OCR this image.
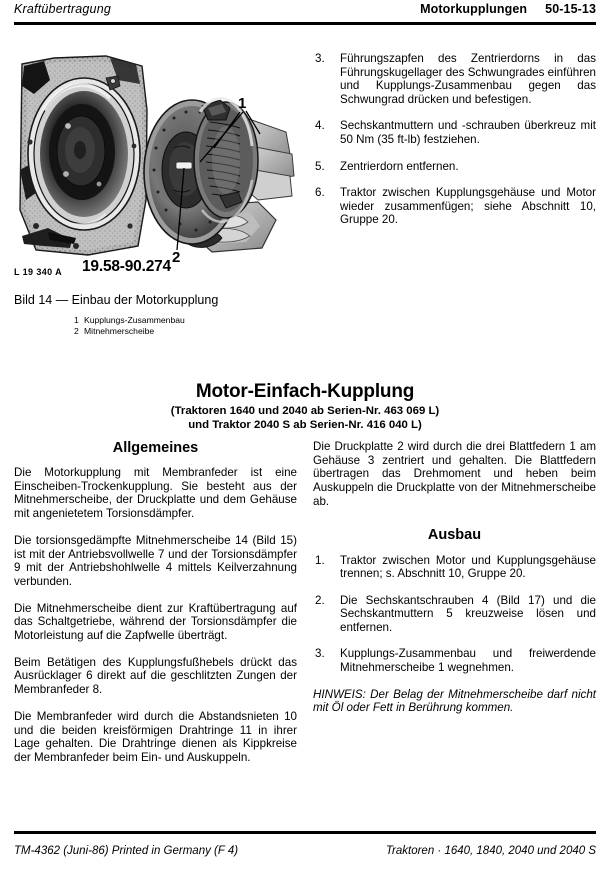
Kraftübertragung	Motorkupplungen 50-15-13
1
2
L 19 340 A 19.58-90.274
Bild 14 — Einbau der Motorkupplung
1 Kupplungs-Zusammenbau
2 Mitnehmerscheibe
3. Führungszapfen des Zentrierdorns in das Führungskugellager des Schwungrades einführen und Kupplungs-Zusammenbau gegen das Schwungrad drücken und befestigen.

4. Sechskantmuttern und -schrauben überkreuz mit 50 Nm (35 ft-lb) festziehen.

5. Zentrierdorn entfernen.

6. Traktor zwischen Kupplungsgehäuse und Motor wieder zusammenfügen; siehe Abschnitt 10, Gruppe 20.

Motor-Einfach-Kupplung

(Traktoren 1640 und 2040 ab Serien-Nr. 463 069 L)
und Traktor 2040 S ab Serien-Nr. 416 040 L)

Allgemeines

Die Motorkupplung mit Membranfeder ist eine Einscheiben-Trockenkupplung. Sie besteht aus der Mitnehmerscheibe, der Druckplatte und dem Gehäuse mit angenietetem Torsionsdämpfer.

Die torsionsgedämpfte Mitnehmerscheibe 14 (Bild 15) ist mit der Antriebsvollwelle 7 und der Torsionsdämpfer 9 mit der Antriebshohlwelle 4 mittels Keilverzahnung verbunden.

Die Mitnehmerscheibe dient zur Kraftübertragung auf das Schaltgetriebe, während der Torsionsdämpfer die Motorleistung auf die Zapfwelle überträgt.

Beim Betätigen des Kupplungsfußhebels drückt das Ausrücklager 6 direkt auf die geschlitzten Zungen der Membranfeder 8.

Die Membranfeder wird durch die Abstandsnieten 10 und die beiden kreisförmigen Drahtringe 11 in ihrer Lage gehalten. Die Drahtringe dienen als Kippkreise der Membranfeder beim Ein- und Auskuppeln.

Die Druckplatte 2 wird durch die drei Blattfedern 1 am Gehäuse 3 zentriert und gehalten. Die Blattfedern übertragen das Drehmoment und heben beim Auskuppeln die Druckplatte von der Mitnehmerscheibe ab.

Ausbau
1. Traktor zwischen Motor und Kupplungsgehäuse trennen; s. Abschnitt 10, Gruppe 20.

2. Die Sechskantschrauben 4 (Bild 17) und die Sechskantmuttern 5 kreuzweise lösen und entfernen.

3. Kupplungs-Zusammenbau und freiwerdende Mitnehmerscheibe 1 wegnehmen.

HINWEIS: Der Belag der Mitnehmerscheibe darf nicht mit Öl oder Fett in Berührung kommen.

TM-4362 (Juni-86) Printed in Germany (F 4)	Traktoren · 1640, 1840, 2040 und 2040 S
